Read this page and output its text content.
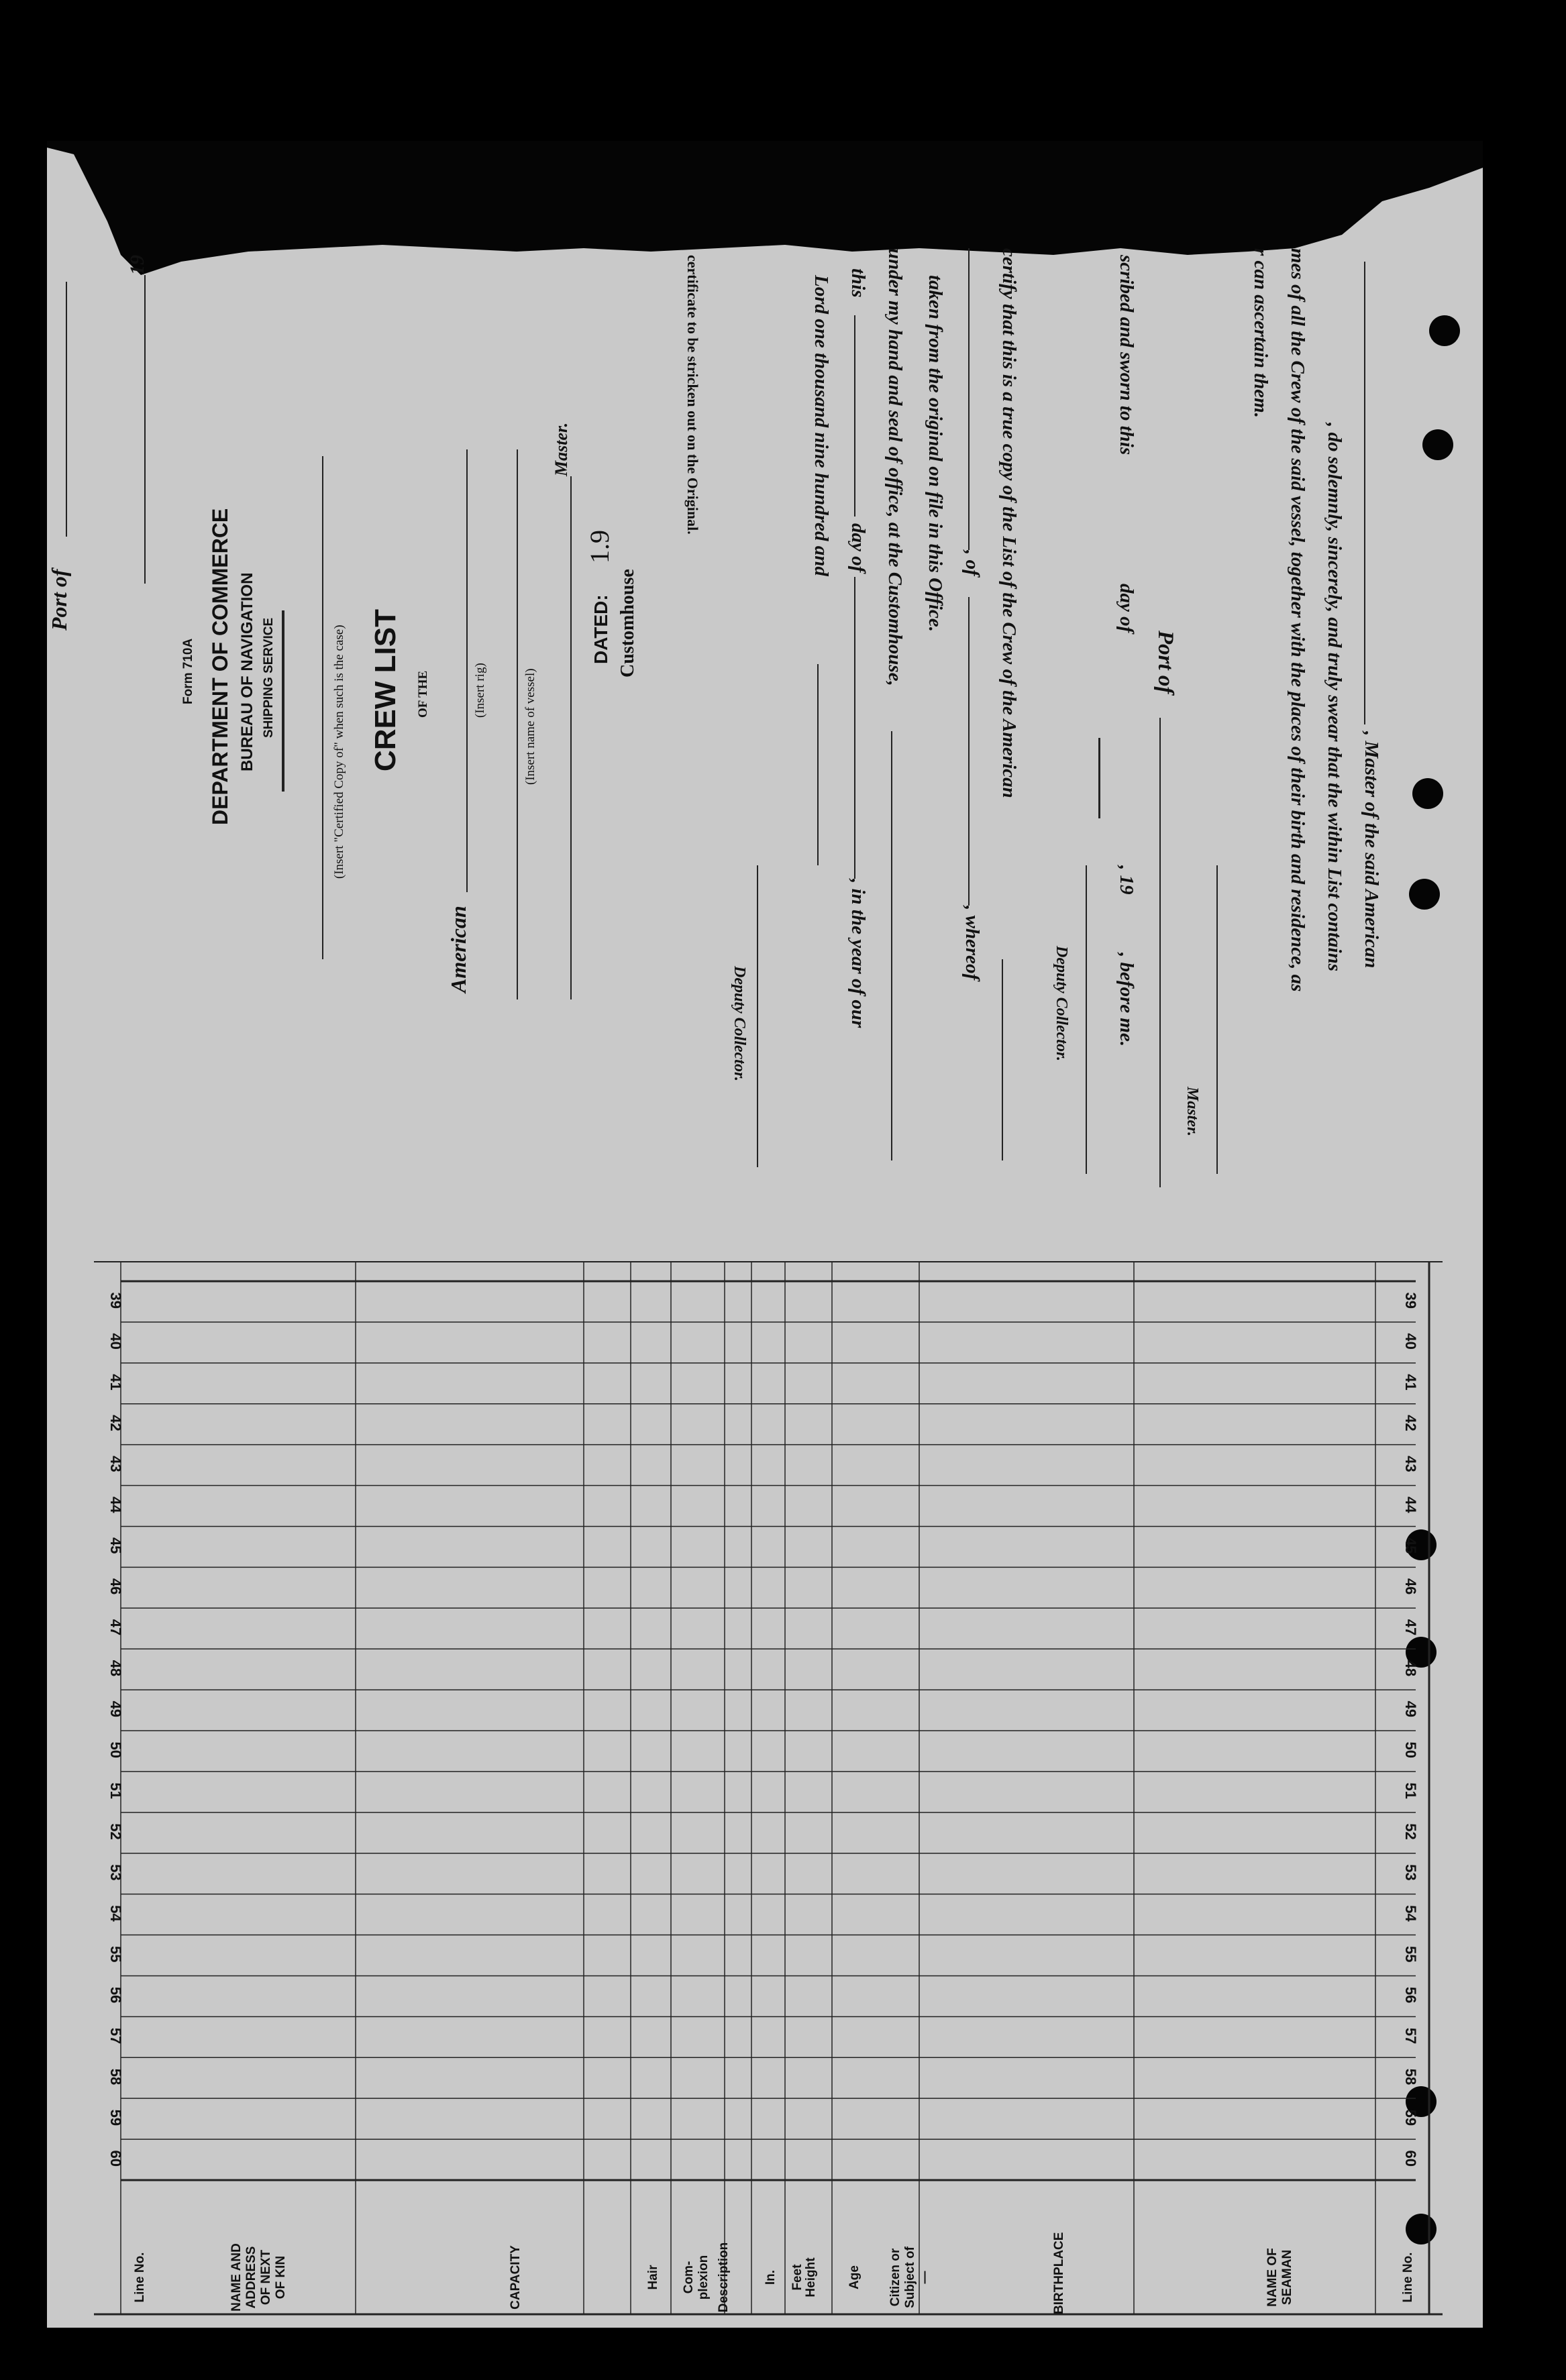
, Master of the said American
, do solemnly, sincerely, and truly swear that the within List contains
mes of all the Crew of the said vessel, together with the places of their birth and residence, as
r can ascertain them.
Master.
Port of
scribed and sworn to this
day of
, 19
, before me.
Deputy Collector.
certify that this is a true copy of the List of the Crew of the American
, of
, whereof
taken from the original on file in this Office.
under my hand and seal of office, at the Customhouse,
this
day of
, in the year of our
Lord one thousand nine hundred and
Deputy Collector.
certificate to be stricken out on the Original.
Form 710A DEPARTMENT OF COMMERCE BUREAU OF NAVIGATION SHIPPING SERVICE	(Insert "Certified Copy of" when such is the case) CREW LIST OF THE
American
(Insert rig)	(Insert name of vessel)
Master.
DATED:
1.9
Customhouse
Port of
19
39
39
40
40
41
41
42
42
43
43
44
44
45
45
46
46
47
47
48
48
49
49
50
50
51
51
52
52
53
53
54
54
55
55
56
56
57
57
58
58
59
59
60
60
Line No.
NAME OF SEAMAN
BIRTHPLACE
Citizen or Subject of—
Age
Height
Feet
In.
Description
Com- plexion
Hair
CAPACITY
NAME AND ADDRESS OF NEXT OF KIN
Line No.
